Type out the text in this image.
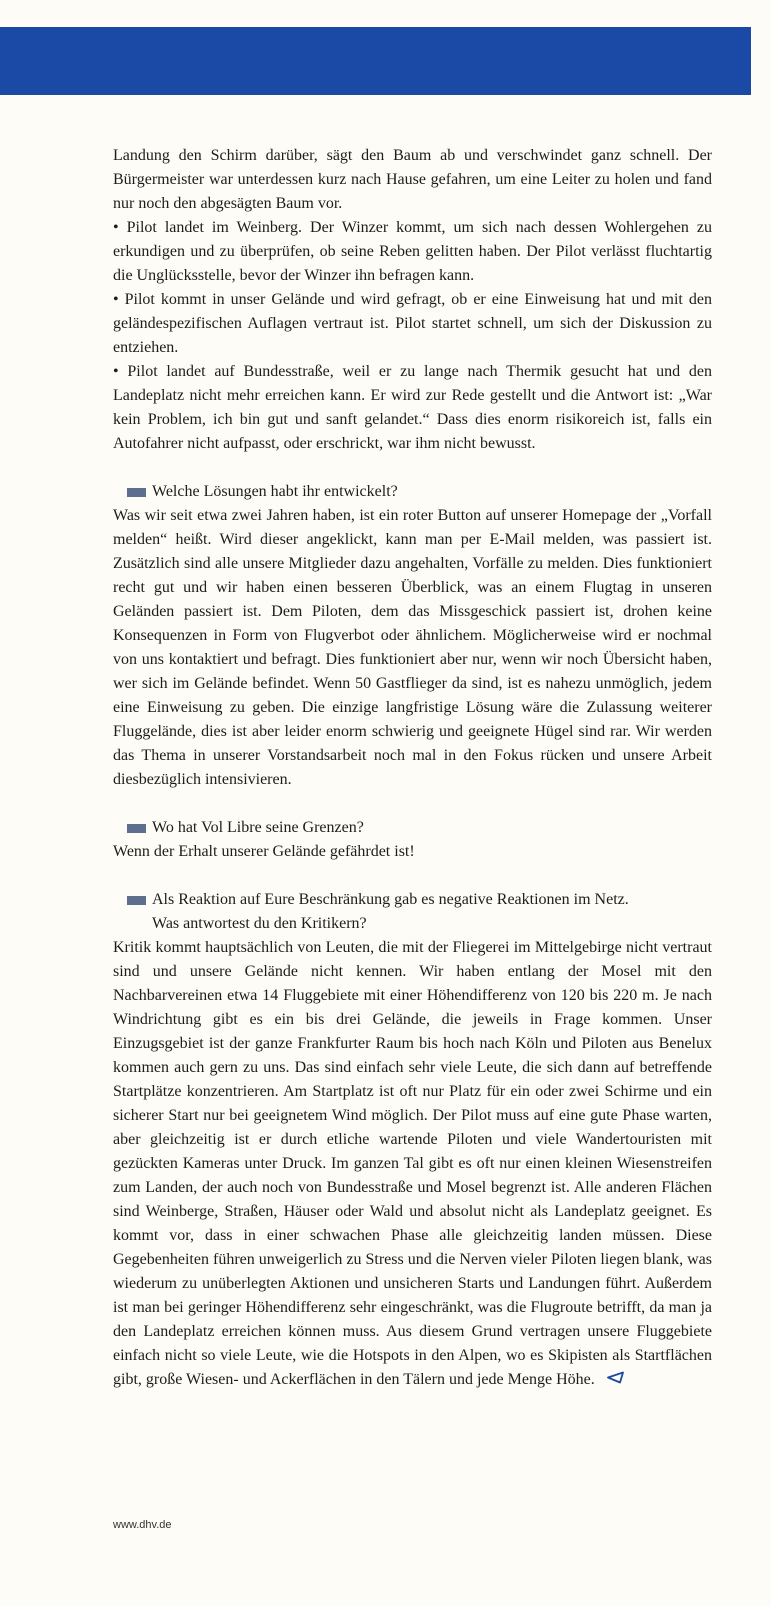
Landung den Schirm darüber, sägt den Baum ab und verschwindet ganz schnell. Der Bürgermeister war unterdessen kurz nach Hause gefahren, um eine Leiter zu holen und fand nur noch den abgesägten Baum vor.

• Pilot landet im Weinberg. Der Winzer kommt, um sich nach dessen Wohlergehen zu erkundigen und zu überprüfen, ob seine Reben gelitten haben. Der Pilot verlässt fluchtartig die Unglücksstelle, bevor der Winzer ihn befragen kann.

• Pilot kommt in unser Gelände und wird gefragt, ob er eine Einweisung hat und mit den geländespezifischen Auflagen vertraut ist. Pilot startet schnell, um sich der Diskussion zu entziehen.

• Pilot landet auf Bundesstraße, weil er zu lange nach Thermik gesucht hat und den Landeplatz nicht mehr erreichen kann. Er wird zur Rede gestellt und die Antwort ist: „War kein Problem, ich bin gut und sanft gelandet.“ Dass dies enorm risikoreich ist, falls ein Autofahrer nicht aufpasst, oder erschrickt, war ihm nicht bewusst.

Welche Lösungen habt ihr entwickelt?

Was wir seit etwa zwei Jahren haben, ist ein roter Button auf unserer Homepage der „Vorfall melden“ heißt. Wird dieser angeklickt, kann man per E-Mail melden, was passiert ist. Zusätzlich sind alle unsere Mitglieder dazu angehalten, Vorfälle zu melden. Dies funktioniert recht gut und wir haben einen besseren Überblick, was an einem Flugtag in unseren Geländen passiert ist. Dem Piloten, dem das Missgeschick passiert ist, drohen keine Konsequenzen in Form von Flugverbot oder ähnlichem. Möglicherweise wird er nochmal von uns kontaktiert und befragt. Dies funktioniert aber nur, wenn wir noch Übersicht haben, wer sich im Gelände befindet. Wenn 50 Gastflieger da sind, ist es nahezu unmöglich, jedem eine Einweisung zu geben. Die einzige langfristige Lösung wäre die Zulassung weiterer Fluggelände, dies ist aber leider enorm schwierig und geeignete Hügel sind rar. Wir werden das Thema in unserer Vorstandsarbeit noch mal in den Fokus rücken und unsere Arbeit diesbezüglich intensivieren.

Wo hat Vol Libre seine Grenzen?

Wenn der Erhalt unserer Gelände gefährdet ist!

Als Reaktion auf Eure Beschränkung gab es negative Reaktionen im Netz.

Was antwortest du den Kritikern?

Kritik kommt hauptsächlich von Leuten, die mit der Fliegerei im Mittelgebirge nicht vertraut sind und unsere Gelände nicht kennen. Wir haben entlang der Mosel mit den Nachbarvereinen etwa 14 Fluggebiete mit einer Höhendifferenz von 120 bis 220 m. Je nach Windrichtung gibt es ein bis drei Gelände, die jeweils in Frage kommen. Unser Einzugsgebiet ist der ganze Frankfurter Raum bis hoch nach Köln und Piloten aus Benelux kommen auch gern zu uns. Das sind einfach sehr viele Leute, die sich dann auf betreffende Startplätze konzentrieren. Am Startplatz ist oft nur Platz für ein oder zwei Schirme und ein sicherer Start nur bei geeignetem Wind möglich. Der Pilot muss auf eine gute Phase warten, aber gleichzeitig ist er durch etliche wartende Piloten und viele Wandertouristen mit gezückten Kameras unter Druck. Im ganzen Tal gibt es oft nur einen kleinen Wiesenstreifen zum Landen, der auch noch von Bundesstraße und Mosel begrenzt ist. Alle anderen Flächen sind Weinberge, Straßen, Häuser oder Wald und absolut nicht als Landeplatz geeignet. Es kommt vor, dass in einer schwachen Phase alle gleichzeitig landen müssen. Diese Gegebenheiten führen unweigerlich zu Stress und die Nerven vieler Piloten liegen blank, was wiederum zu unüberlegten Aktionen und unsicheren Starts und Landungen führt. Außerdem ist man bei geringer Höhendifferenz sehr eingeschränkt, was die Flugroute betrifft, da man ja den Landeplatz erreichen können muss. Aus diesem Grund vertragen unsere Fluggebiete einfach nicht so viele Leute, wie die Hotspots in den Alpen, wo es Skipisten als Startflächen gibt, große Wiesen- und Ackerflächen in den Tälern und jede Menge Höhe.

www.dhv.de
